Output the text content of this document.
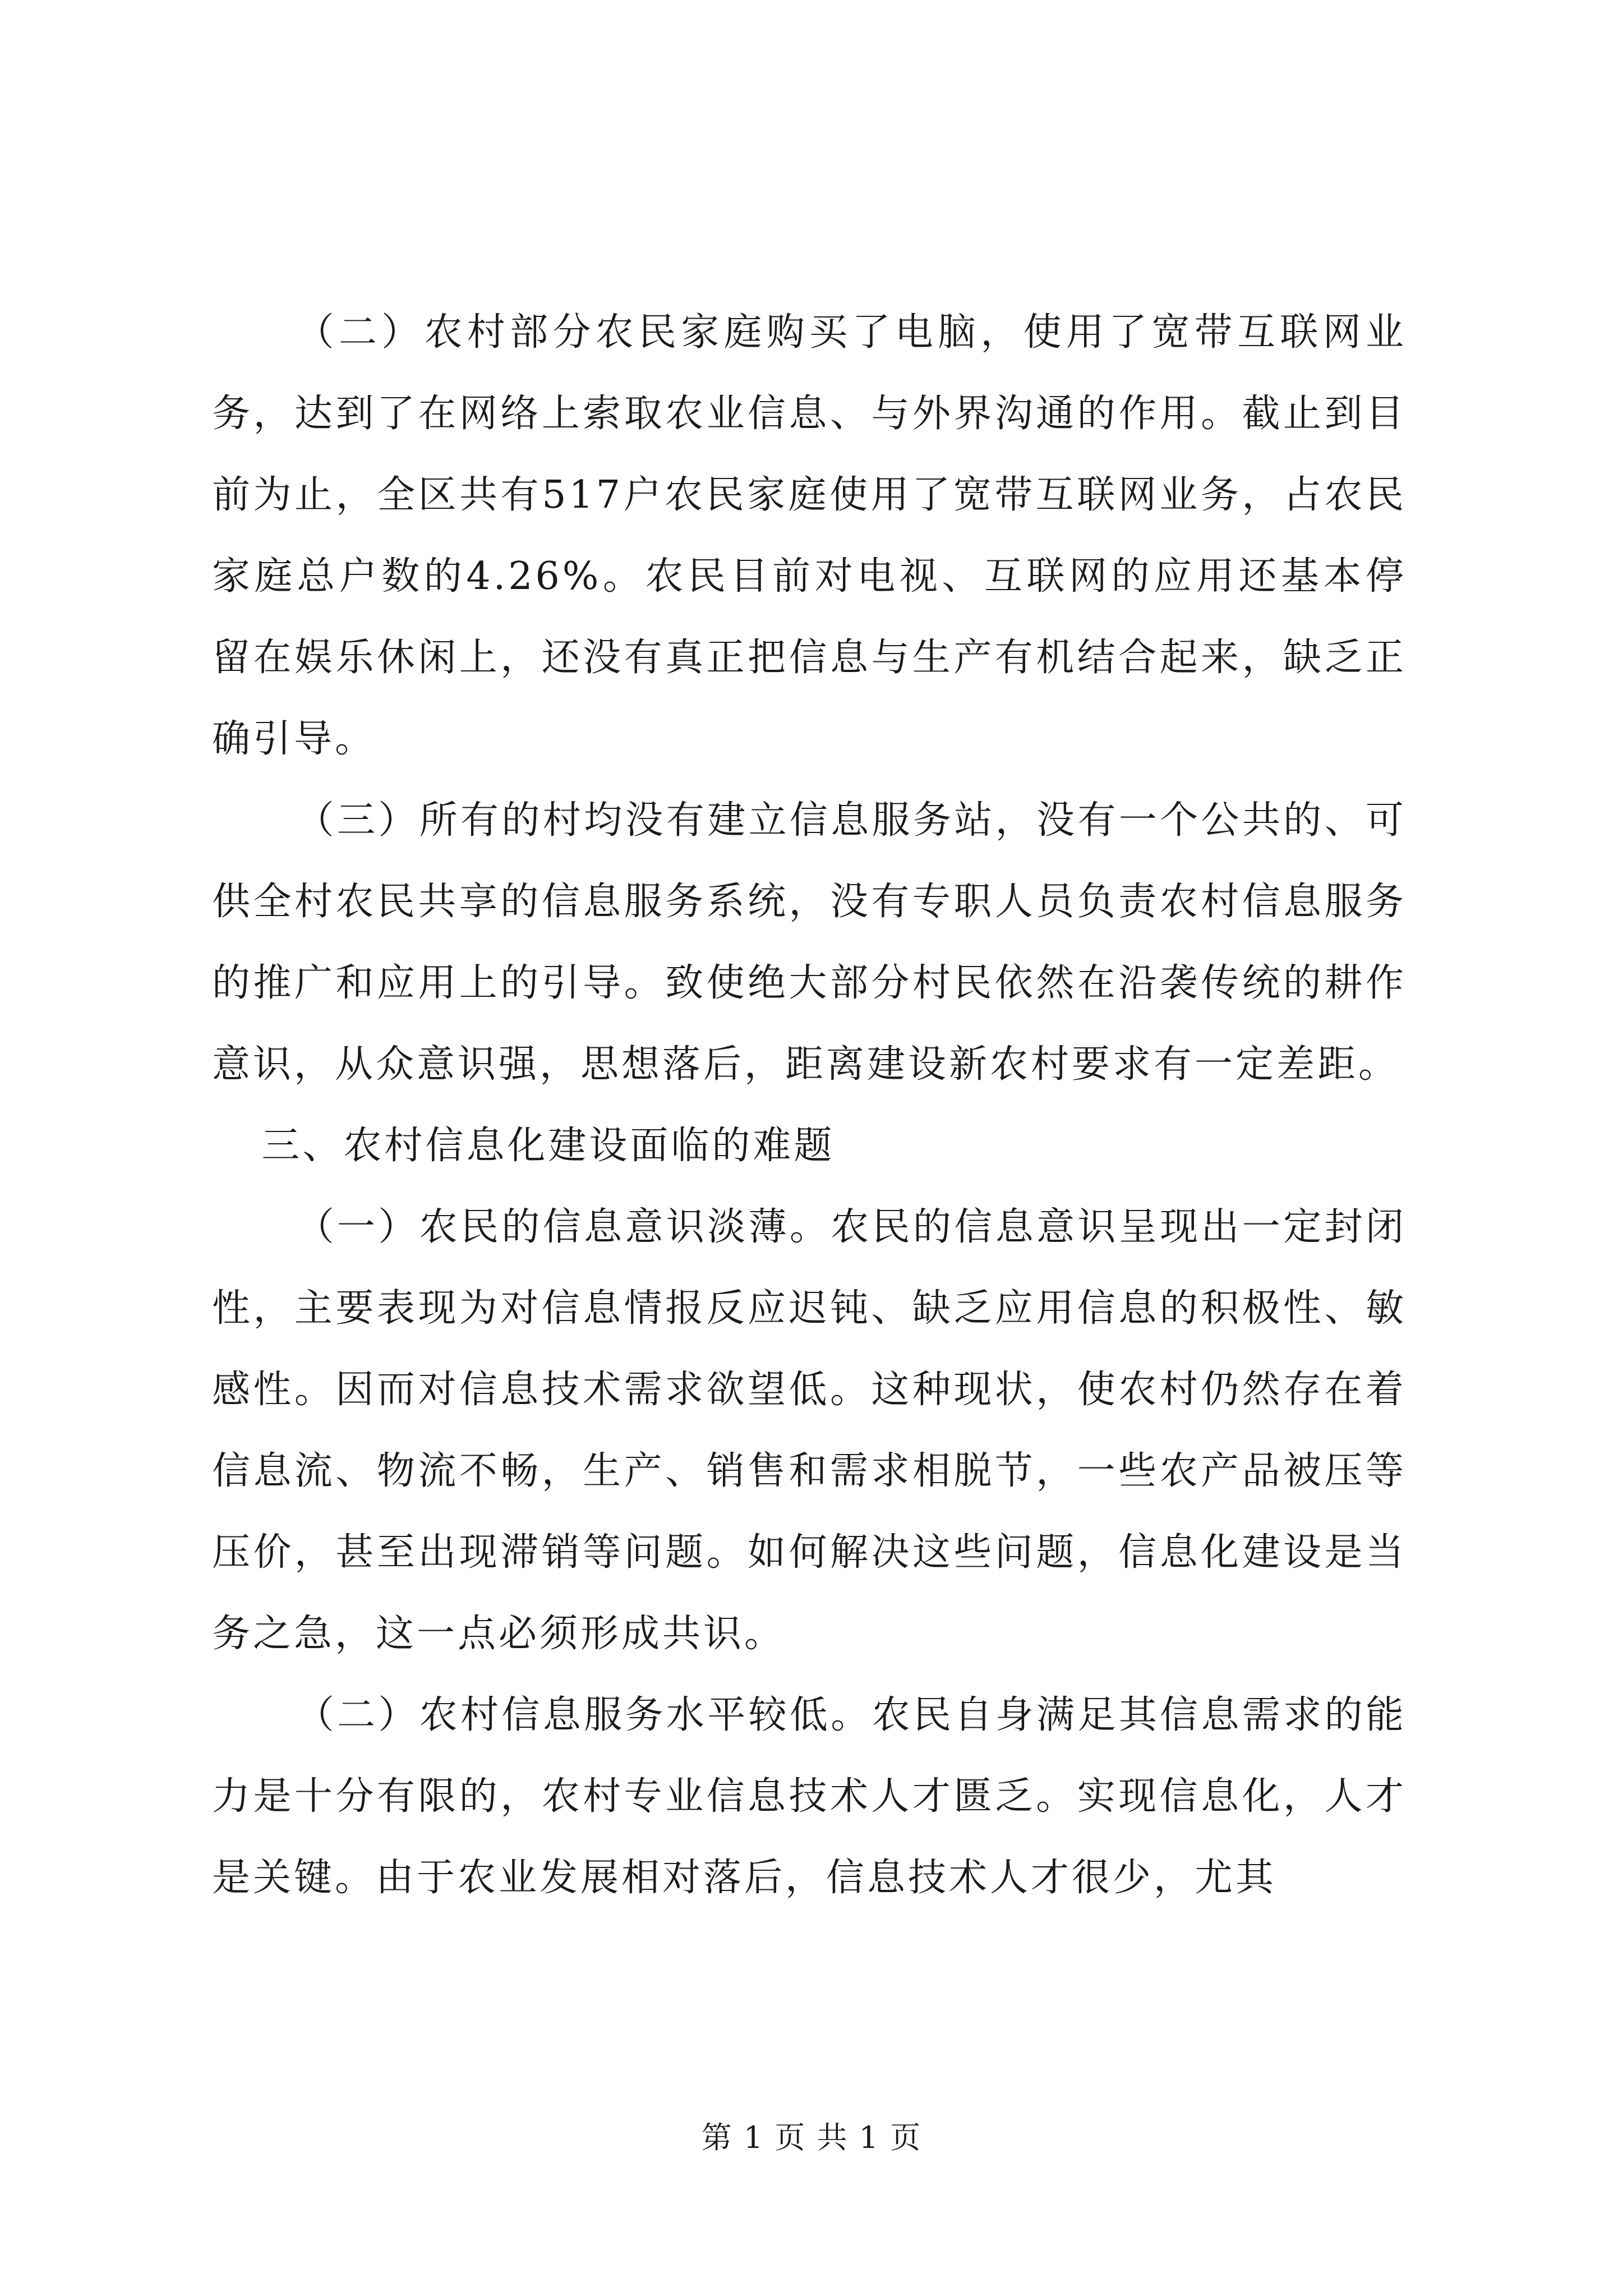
（二）农村部分农民家庭购买了电脑，使用了宽带互联网业务，达到了在网络上索取农业信息、与外界沟通的作用。截止到目前为止，全区共有517户农民家庭使用了宽带互联网业务，占农民家庭总户数的4.26%。农民目前对电视、互联网的应用还基本停留在娱乐休闲上，还没有真正把信息与生产有机结合起来，缺乏正确引导。

（三）所有的村均没有建立信息服务站，没有一个公共的、可供全村农民共享的信息服务系统，没有专职人员负责农村信息服务的推广和应用上的引导。致使绝大部分村民依然在沿袭传统的耕作意识，从众意识强，思想落后，距离建设新农村要求有一定差距。

三、农村信息化建设面临的难题

（一）农民的信息意识淡薄。农民的信息意识呈现出一定封闭性，主要表现为对信息情报反应迟钝、缺乏应用信息的积极性、敏感性。因而对信息技术需求欲望低。这种现状，使农村仍然存在着信息流、物流不畅，生产、销售和需求相脱节，一些农产品被压等压价，甚至出现滞销等问题。如何解决这些问题，信息化建设是当务之急，这一点必须形成共识。

（二）农村信息服务水平较低。农民自身满足其信息需求的能力是十分有限的，农村专业信息技术人才匮乏。实现信息化，人才是关键。由于农业发展相对落后，信息技术人才很少，尤其

第 1 页 共 1 页
